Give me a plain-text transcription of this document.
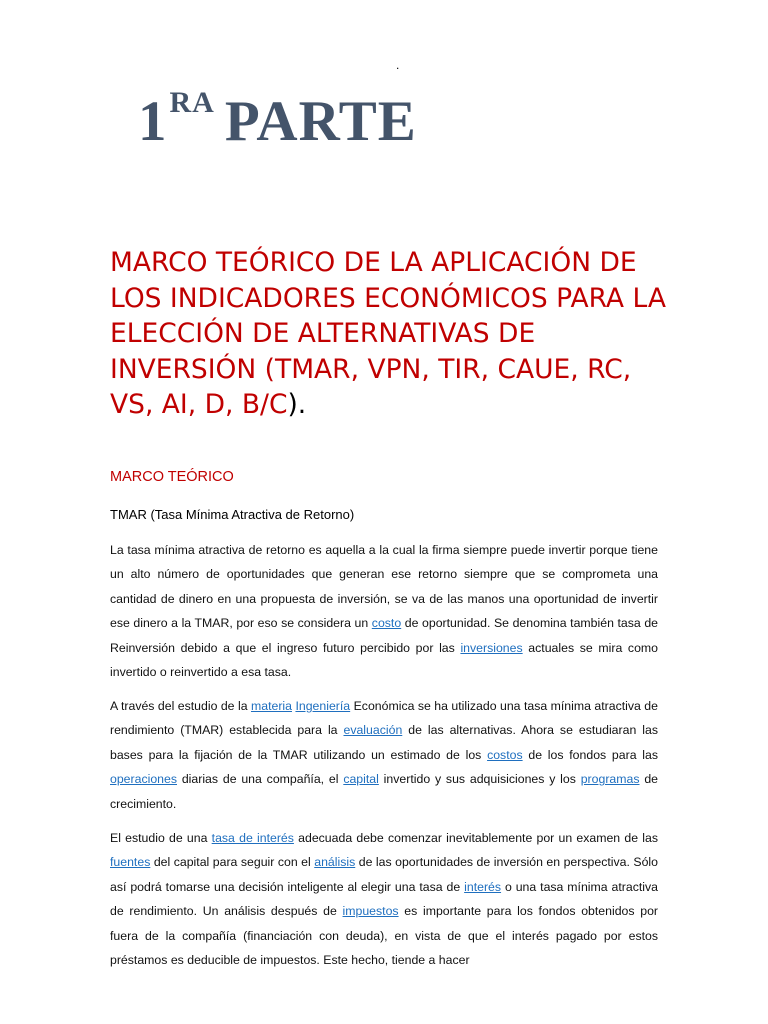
.
$1^{RA}$ PARTE
MARCO TEÓRICO DE LA APLICACIÓN DE LOS INDICADORES ECONÓMICOS PARA LA ELECCIÓN DE ALTERNATIVAS DE INVERSIÓN (TMAR, VPN, TIR, CAUE, RC, VS, AI, D, B/C).
MARCO TEÓRICO

TMAR (Tasa Mínima Atractiva de Retorno)

La tasa mínima atractiva de retorno es aquella a la cual la firma siempre puede invertir porque tiene un alto número de oportunidades que generan ese retorno siempre que se comprometa una cantidad de dinero en una propuesta de inversión, se va de las manos una oportunidad de invertir ese dinero a la TMAR, por eso se considera un costo de oportunidad. Se denomina también tasa de Reinversión debido a que el ingreso futuro percibido por las inversiones actuales se mira como invertido o reinvertido a esa tasa.

A través del estudio de la materia Ingeniería Económica se ha utilizado una tasa mínima atractiva de rendimiento (TMAR) establecida para la evaluación de las alternativas. Ahora se estudiaran las bases para la fijación de la TMAR utilizando un estimado de los costos de los fondos para las operaciones diarias de una compañía, el capital invertido y sus adquisiciones y los programas de crecimiento.

El estudio de una tasa de interés adecuada debe comenzar inevitablemente por un examen de las fuentes del capital para seguir con el análisis de las oportunidades de inversión en perspectiva. Sólo así podrá tomarse una decisión inteligente al elegir una tasa de interés o una tasa mínima atractiva de rendimiento. Un análisis después de impuestos es importante para los fondos obtenidos por fuera de la compañía (financiación con deuda), en vista de que el interés pagado por estos préstamos es deducible de impuestos. Este hecho, tiende a hacer
